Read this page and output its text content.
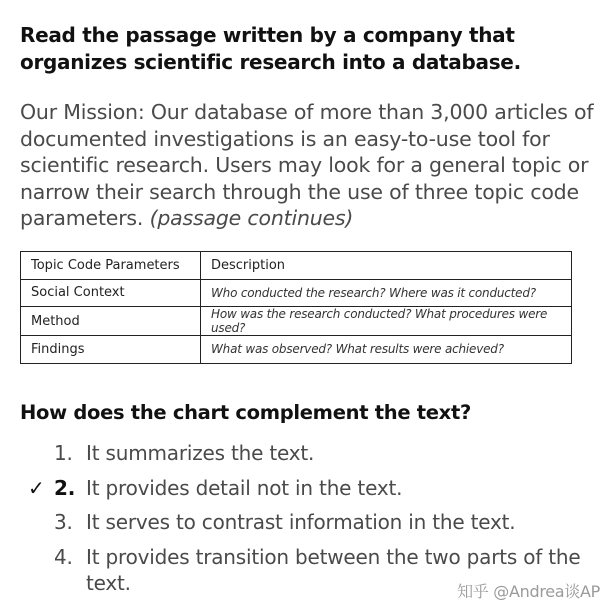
Read the passage written by a company that organizes scientific research into a database.
Our Mission: Our database of more than 3,000 articles of documented investigations is an easy-to-use tool for scientific research. Users may look for a general topic or narrow their search through the use of three topic code parameters. (passage continues)
Topic Code Parameters	Description
Social Context	Who conducted the research? Where was it conducted?
Method	How was the research conducted? What procedures were used?
Findings	What was observed? What results were achieved?
How does the chart complement the text?
1. It summarizes the text.
✓ 2. It provides detail not in the text.
3. It serves to contrast information in the text.
4. It provides transition between the two parts of the text.	知乎 @Andrea谈AP
